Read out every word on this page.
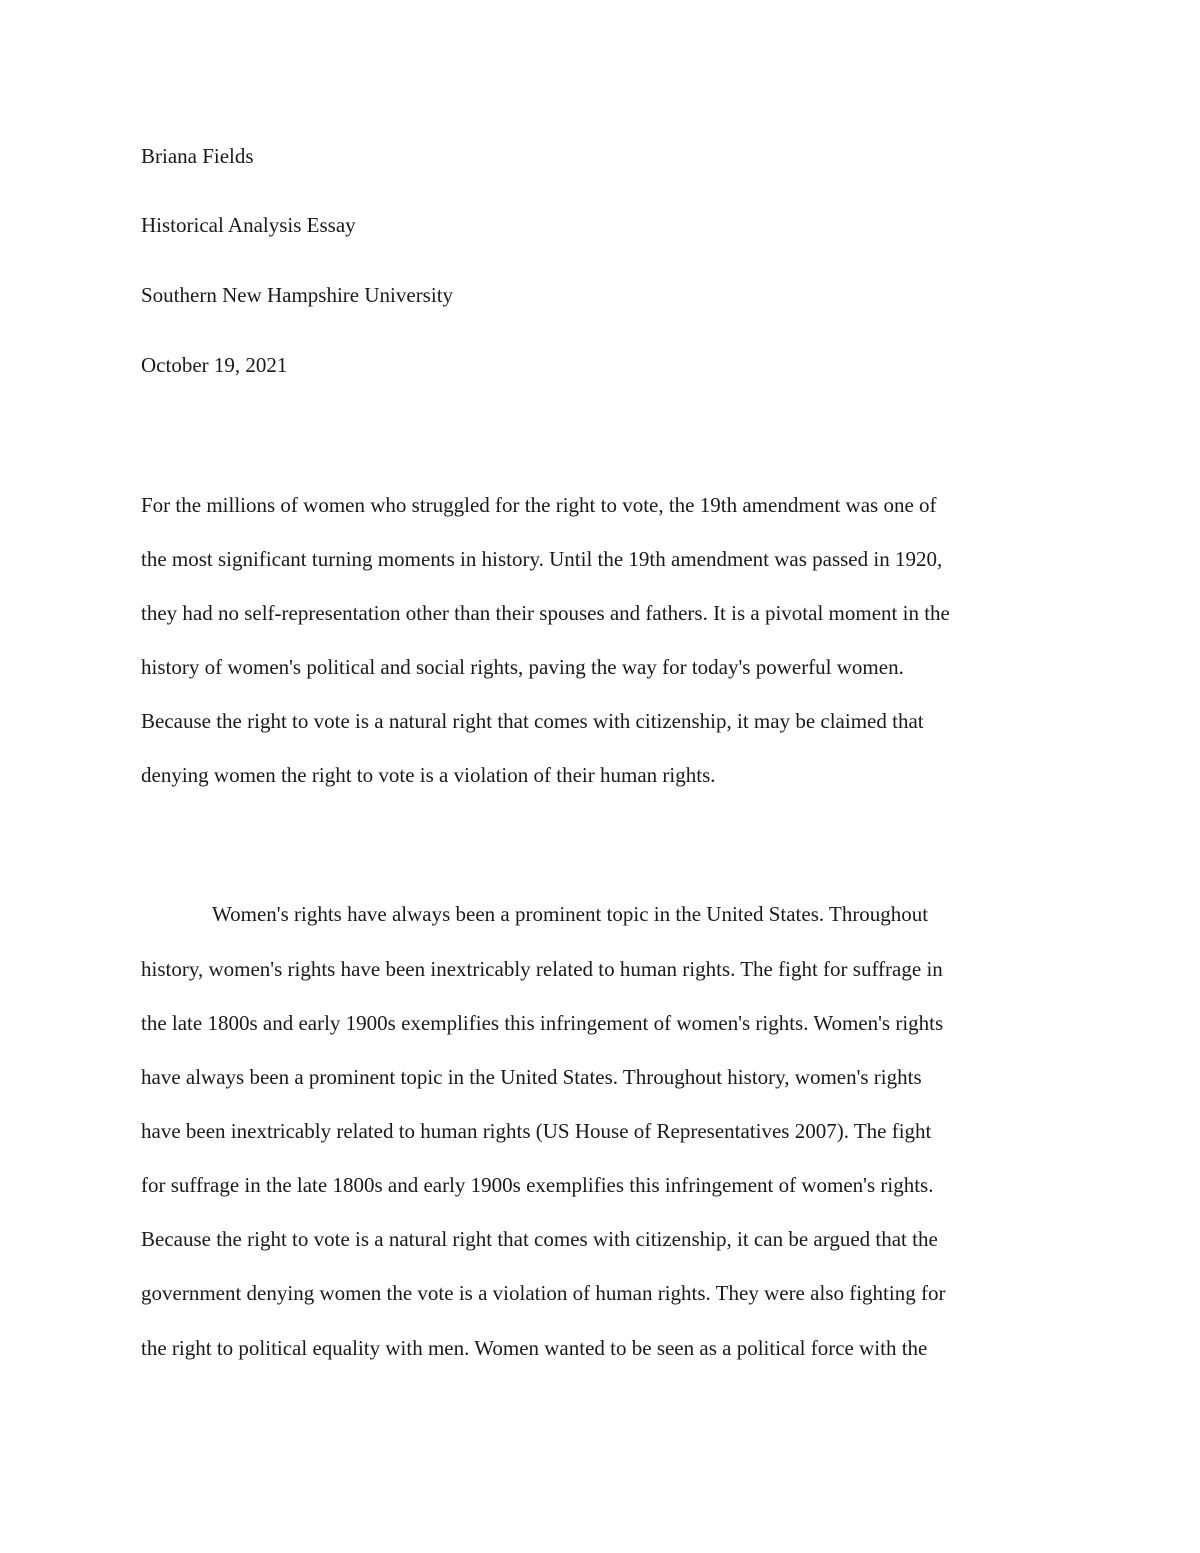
Briana Fields

Historical Analysis Essay

Southern New Hampshire University

October 19, 2021

For the millions of women who struggled for the right to vote, the 19th amendment was one of

the most significant turning moments in history. Until the 19th amendment was passed in 1920,

they had no self-representation other than their spouses and fathers. It is a pivotal moment in the

history of women's political and social rights, paving the way for today's powerful women.

Because the right to vote is a natural right that comes with citizenship, it may be claimed that

denying women the right to vote is a violation of their human rights.

Women's rights have always been a prominent topic in the United States. Throughout

history, women's rights have been inextricably related to human rights. The fight for suffrage in

the late 1800s and early 1900s exemplifies this infringement of women's rights. Women's rights

have always been a prominent topic in the United States. Throughout history, women's rights

have been inextricably related to human rights (US House of Representatives 2007). The fight

for suffrage in the late 1800s and early 1900s exemplifies this infringement of women's rights.

Because the right to vote is a natural right that comes with citizenship, it can be argued that the

government denying women the vote is a violation of human rights. They were also fighting for

the right to political equality with men. Women wanted to be seen as a political force with the
